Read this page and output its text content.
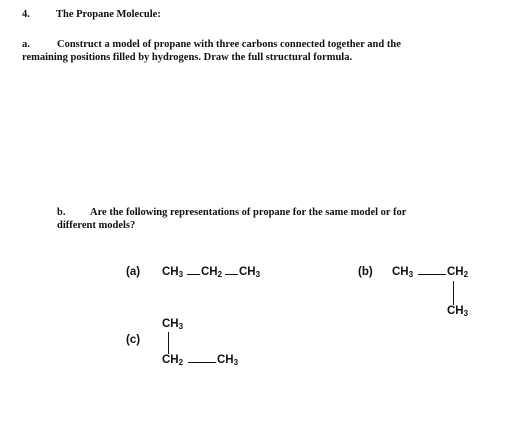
4. The Propane Molecule:
a.	Construct a model of propane with three carbons connected together and the
remaining positions filled by hydrogens. Draw the full structural formula.
b. Are the following representations of propane for the same model or for
different models?
(a) $CH_3$ $CH_2$ $CH_3$	(b) $CH_3$	$CH_2$
$CH_3$
(c)
$CH_3$
$CH_2$	$CH_3$
